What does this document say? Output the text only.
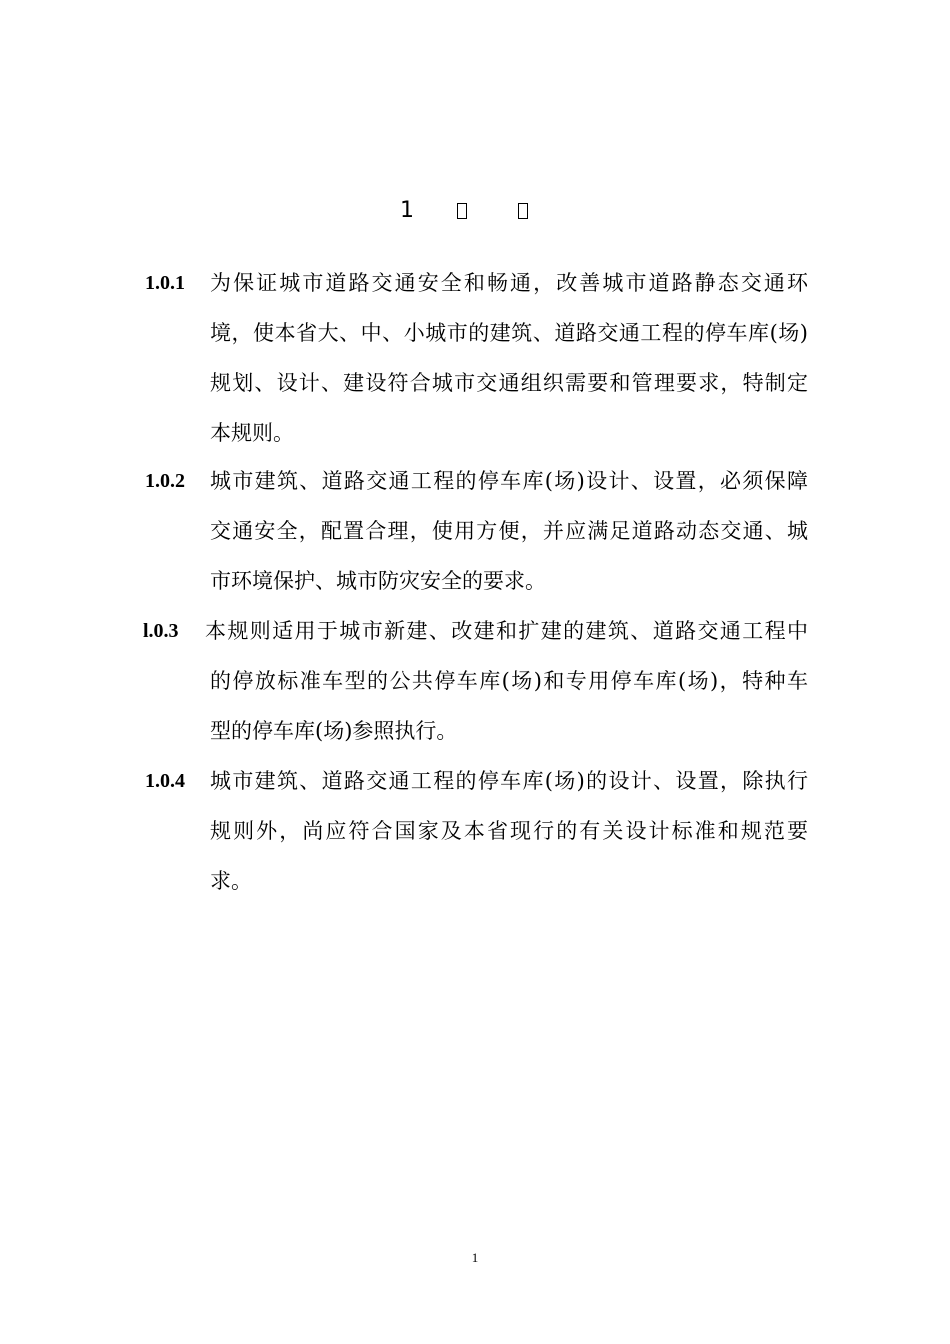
1
1.0.1 为保证城市道路交通安全和畅通，改善城市道路静态交通环
境，使本省大、中、小城市的建筑、道路交通工程的停车库(场)
规划、设计、建设符合城市交通组织需要和管理要求，特制定
本规则。
1.0.2 城市建筑、道路交通工程的停车库(场)设计、设置，必须保障
交通安全，配置合理，使用方便，并应满足道路动态交通、城
市环境保护、城市防灾安全的要求。
l.0.3 本规则适用于城市新建、改建和扩建的建筑、道路交通工程中
的停放标准车型的公共停车库(场)和专用停车库(场)，特种车
型的停车库(场)参照执行。
1.0.4 城市建筑、道路交通工程的停车库(场)的设计、设置，除执行
规则外，尚应符合国家及本省现行的有关设计标准和规范要
求。
1
